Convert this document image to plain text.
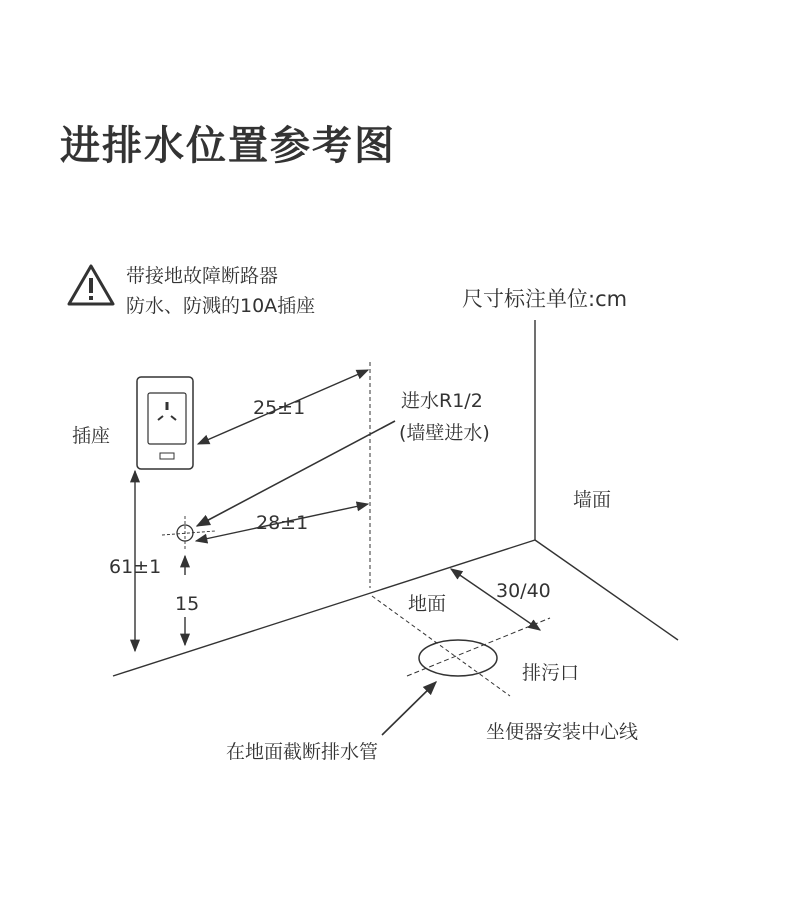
进排水位置参考图
带接地故障断路器
防水、防溅的10A插座	尺寸标注单位:cm
插座
25±1	进水R1/2
(墙壁进水)
28±1
61±1
15
墙面
地面
30/40
排污口
坐便器安装中心线
在地面截断排水管
